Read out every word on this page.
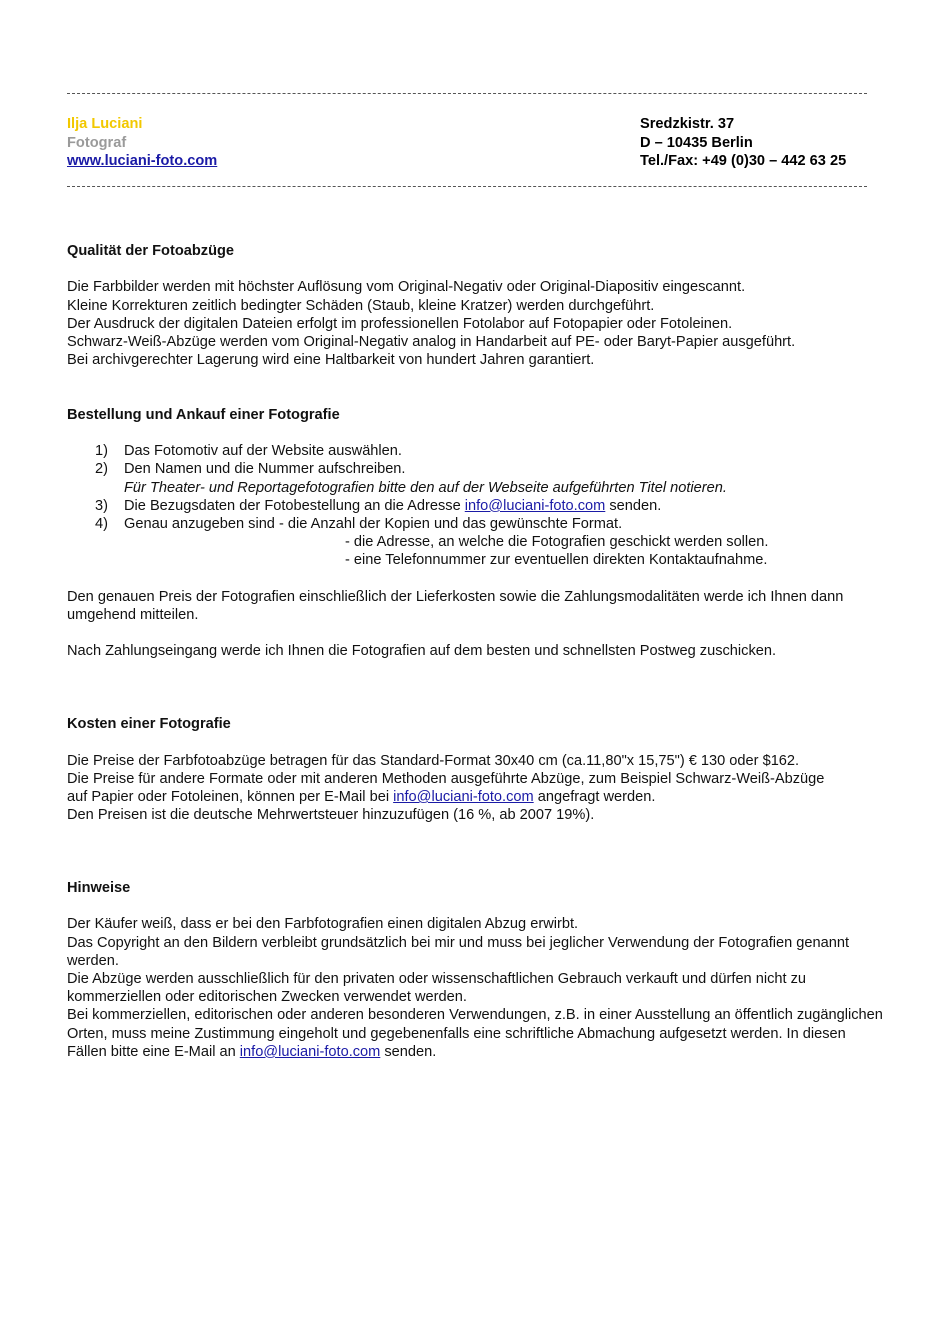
Ilja Luciani
Fotograf
www.luciani-foto.com
Sredzkistr. 37
D – 10435 Berlin
Tel./Fax: +49 (0)30 – 442 63 25

Qualität der Fotoabzüge

Die Farbbilder werden mit höchster Auflösung vom Original-Negativ oder Original-Diapositiv eingescannt.

Kleine Korrekturen zeitlich bedingter Schäden (Staub, kleine Kratzer) werden durchgeführt.

Der Ausdruck der digitalen Dateien erfolgt im professionellen Fotolabor auf Fotopapier oder Fotoleinen.

Schwarz-Weiß-Abzüge werden vom Original-Negativ analog in Handarbeit auf PE- oder Baryt-Papier ausgeführt.

Bei archivgerechter Lagerung wird eine Haltbarkeit von hundert Jahren garantiert.

Bestellung und Ankauf einer Fotografie

1) Das Fotomotiv auf der Website auswählen.
2) Den Namen und die Nummer aufschreiben.
Für Theater- und Reportagefotografien bitte den auf der Webseite aufgeführten Titel notieren.
3) Die Bezugsdaten der Fotobestellung an die Adresse info@luciani-foto.com senden.
4) Genau anzugeben sind - die Anzahl der Kopien und das gewünschte Format.
- die Adresse, an welche die Fotografien geschickt werden sollen.
- eine Telefonnummer zur eventuellen direkten Kontaktaufnahme.

Den genauen Preis der Fotografien einschließlich der Lieferkosten sowie die Zahlungsmodalitäten werde ich Ihnen dann umgehend mitteilen.

Nach Zahlungseingang werde ich Ihnen die Fotografien auf dem besten und schnellsten Postweg zuschicken.

Kosten einer Fotografie

Die Preise der Farbfotoabzüge betragen für das Standard-Format 30x40 cm (ca.11,80"x 15,75") € 130 oder $162.

Die Preise für andere Formate oder mit anderen Methoden ausgeführte Abzüge, zum Beispiel Schwarz-Weiß-Abzüge auf Papier oder Fotoleinen, können per E-Mail bei info@luciani-foto.com angefragt werden.

Den Preisen ist die deutsche Mehrwertsteuer hinzuzufügen (16 %, ab 2007 19%).

Hinweise

Der Käufer weiß, dass er bei den Farbfotografien einen digitalen Abzug erwirbt.

Das Copyright an den Bildern verbleibt grundsätzlich bei mir und muss bei jeglicher Verwendung der Fotografien genannt werden.

Die Abzüge werden ausschließlich für den privaten oder wissenschaftlichen Gebrauch verkauft und dürfen nicht zu kommerziellen oder editorischen Zwecken verwendet werden.

Bei kommerziellen, editorischen oder anderen besonderen Verwendungen, z.B. in einer Ausstellung an öffentlich zugänglichen Orten, muss meine Zustimmung eingeholt und gegebenenfalls eine schriftliche Abmachung aufgesetzt werden. In diesen Fällen bitte eine E-Mail an info@luciani-foto.com senden.
